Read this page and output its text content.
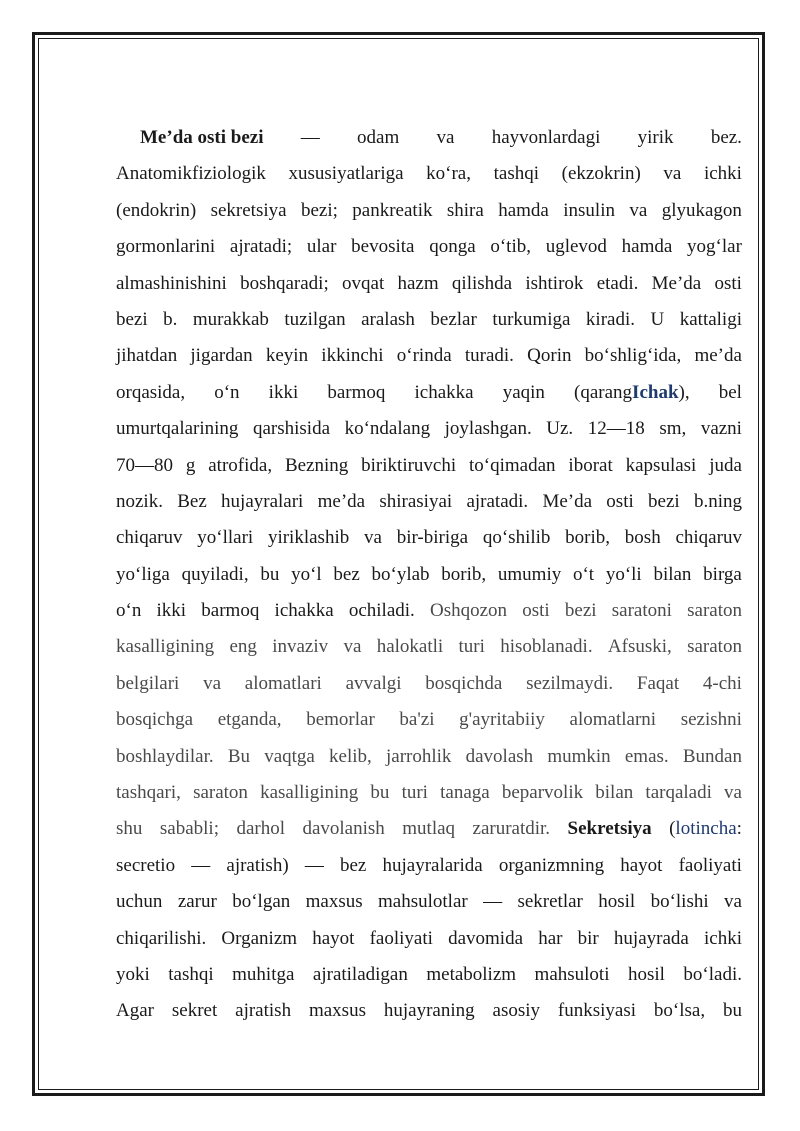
Me’da osti bezi — odam va hayvonlardagi yirik bez.
Anatomikfiziologik xususiyatlariga ko‘ra, tashqi (ekzokrin) va ichki
(endokrin) sekretsiya bezi; pankreatik shira hamda insulin va glyukagon
gormonlarini ajratadi; ular bevosita qonga o‘tib, uglevod hamda yog‘lar
almashinishini boshqaradi; ovqat hazm qilishda ishtirok etadi. Me’da osti
bezi b. murakkab tuzilgan aralash bezlar turkumiga kiradi. U kattaligi
jihatdan jigardan keyin ikkinchi o‘rinda turadi. Qorin bo‘shlig‘ida, me’da
orqasida, o‘n ikki barmoq ichakka yaqin (qarangIchak), bel
umurtqalarining qarshisida ko‘ndalang joylashgan. Uz. 12—18 sm, vazni
70—80 g atrofida, Bezning biriktiruvchi to‘qimadan iborat kapsulasi juda
nozik. Bez hujayralari me’da shirasiyai ajratadi. Me’da osti bezi b.ning
chiqaruv yo‘llari yiriklashib va bir-biriga qo‘shilib borib, bosh chiqaruv
yo‘liga quyiladi, bu yo‘l bez bo‘ylab borib, umumiy o‘t yo‘li bilan birga
o‘n ikki barmoq ichakka ochiladi. Oshqozon osti bezi saratoni saraton
kasalligining eng invaziv va halokatli turi hisoblanadi. Afsuski, saraton
belgilari va alomatlari avvalgi bosqichda sezilmaydi. Faqat 4-chi
bosqichga etganda, bemorlar ba'zi g'ayritabiiy alomatlarni sezishni
boshlaydilar. Bu vaqtga kelib, jarrohlik davolash mumkin emas. Bundan
tashqari, saraton kasalligining bu turi tanaga beparvolik bilan tarqaladi va
shu sababli; darhol davolanish mutlaq zaruratdir. Sekretsiya (lotincha:
secretio — ajratish) — bez hujayralarida organizmning hayot faoliyati
uchun zarur bo‘lgan maxsus mahsulotlar — sekretlar hosil bo‘lishi va
chiqarilishi. Organizm hayot faoliyati davomida har bir hujayrada ichki
yoki tashqi muhitga ajratiladigan metabolizm mahsuloti hosil bo‘ladi.
Agar sekret ajratish maxsus hujayraning asosiy funksiyasi bo‘lsa, bu
